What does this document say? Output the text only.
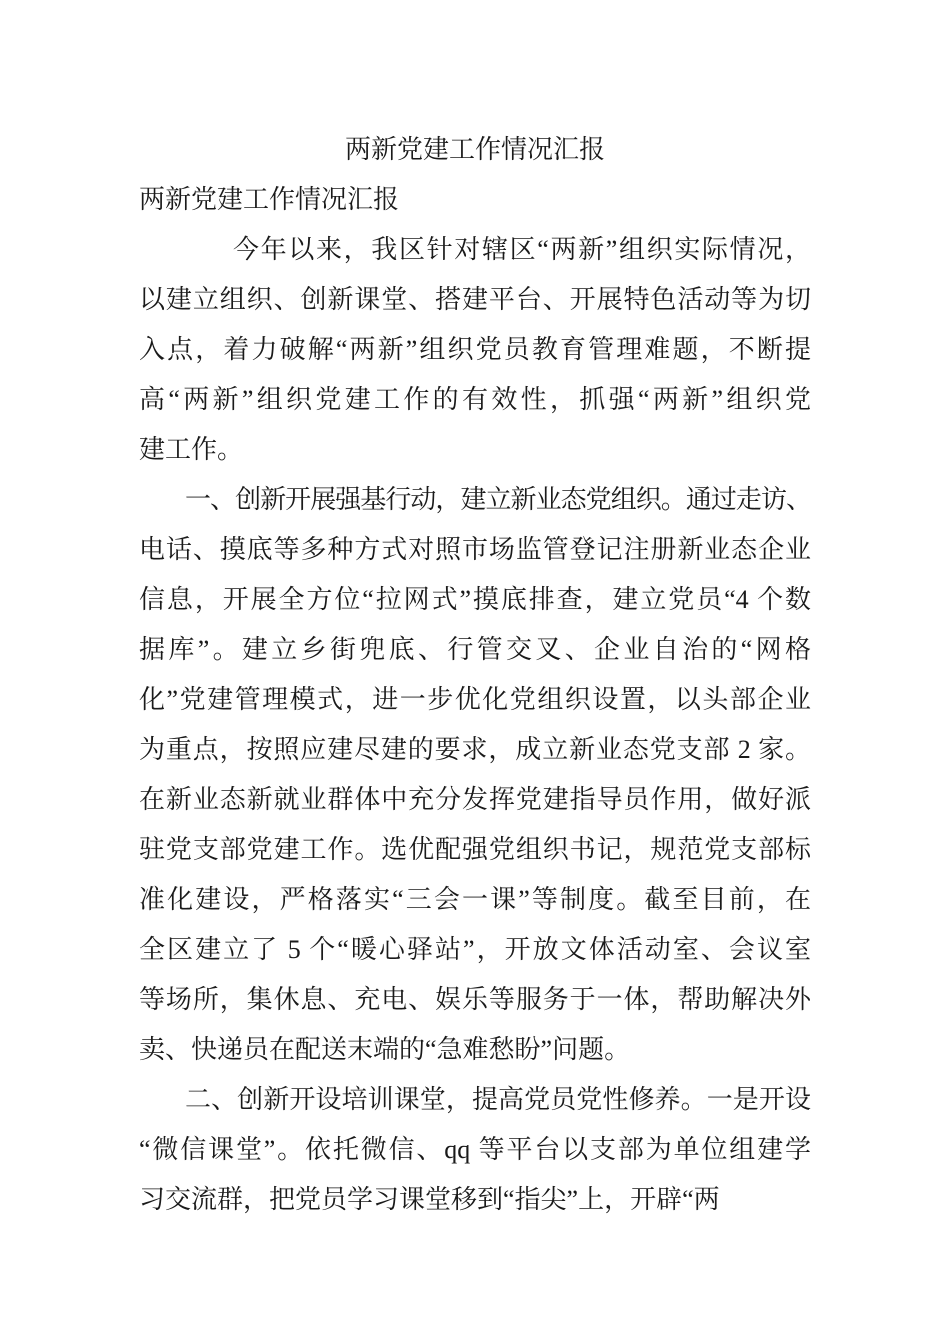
两新党建工作情况汇报
两新党建工作情况汇报
今年以来，我区针对辖区“两新”组织实际情况，
以建立组织、创新课堂、搭建平台、开展特色活动等为切
入点，着力破解“两新”组织党员教育管理难题，不断提
高“两新”组织党建工作的有效性，抓强“两新”组织党
建工作。
一、创新开展强基行动，建立新业态党组织。通过走访、
电话、摸底等多种方式对照市场监管登记注册新业态企业
信息，开展全方位“拉网式”摸底排查，建立党员“4 个数
据库”。建立乡街兜底、行管交叉、企业自治的“网格
化”党建管理模式，进一步优化党组织设置，以头部企业
为重点，按照应建尽建的要求，成立新业态党支部 2 家。
在新业态新就业群体中充分发挥党建指导员作用，做好派
驻党支部党建工作。选优配强党组织书记，规范党支部标
准化建设，严格落实“三会一课”等制度。截至目前，在
全区建立了 5 个“暖心驿站”，开放文体活动室、会议室
等场所，集休息、充电、娱乐等服务于一体，帮助解决外
卖、快递员在配送末端的“急难愁盼”问题。
二、创新开设培训课堂，提高党员党性修养。一是开设
“微信课堂”。依托微信、qq 等平台以支部为单位组建学
习交流群，把党员学习课堂移到“指尖”上，开辟“两
